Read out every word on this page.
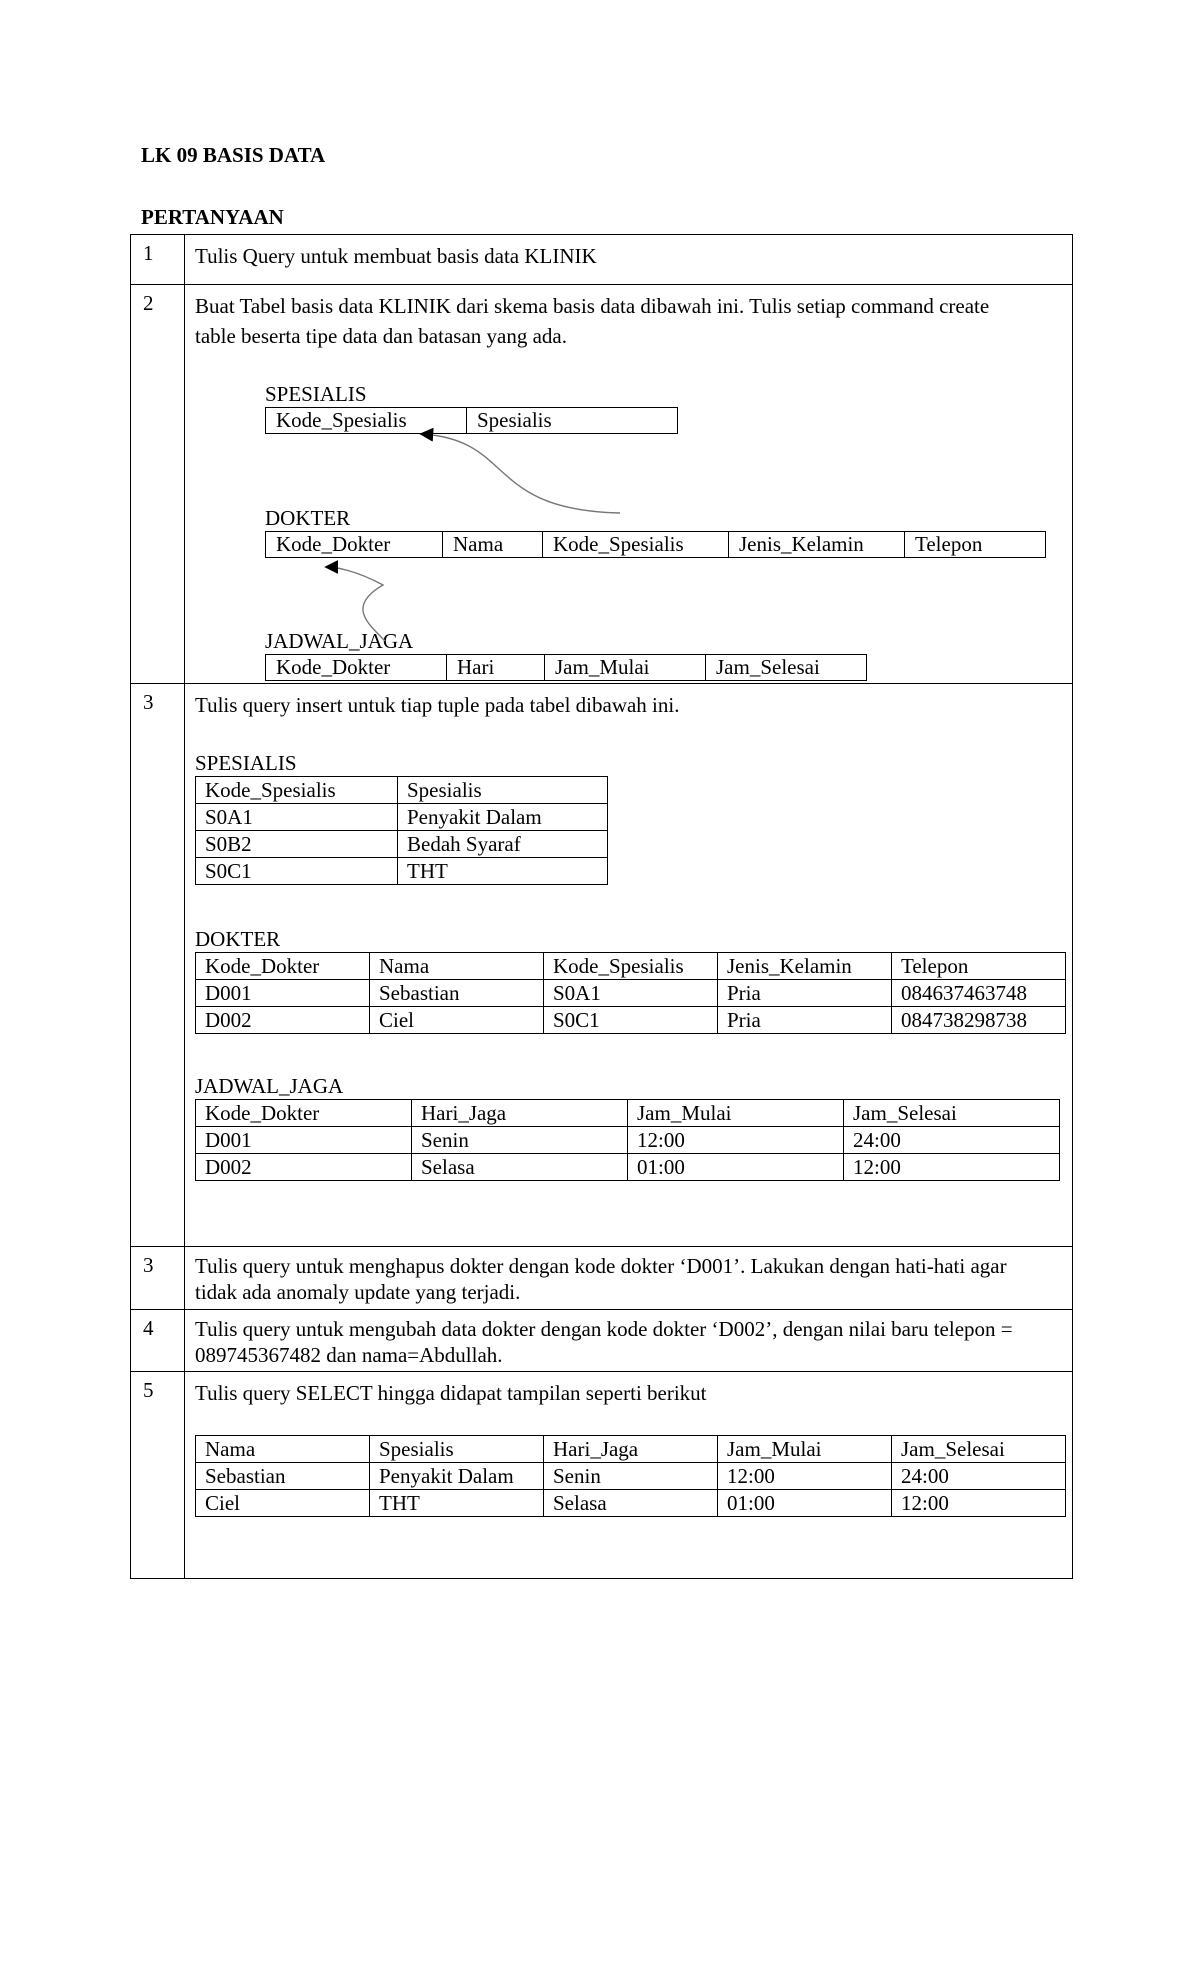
LK 09 BASIS DATA
PERTANYAAN
1	Tulis Query untuk membuat basis data KLINIK
2	Buat Tabel basis data KLINIK dari skema basis data dibawah ini. Tulis setiap command create table beserta tipe data dan batasan yang ada.
SPESIALIS
Kode_Spesialis	Spesialis
DOKTER
Kode_Dokter	Nama	Kode_Spesialis	Jenis_Kelamin	Telepon
JADWAL_JAGA
Kode_Dokter	Hari	Jam_Mulai	Jam_Selesai

3	Tulis query insert untuk tiap tuple pada tabel dibawah ini.
SPESIALIS
Kode_Spesialis	Spesialis
S0A1	Penyakit Dalam
S0B2	Bedah Syaraf
S0C1	THT
DOKTER
Kode_Dokter	Nama	Kode_Spesialis	Jenis_Kelamin	Telepon
D001	Sebastian	S0A1	Pria	084637463748
D002	Ciel	S0C1	Pria	084738298738
JADWAL_JAGA
Kode_Dokter	Hari_Jaga	Jam_Mulai	Jam_Selesai
D001	Senin	12:00	24:00
D002	Selasa	01:00	12:00

3	Tulis query untuk menghapus dokter dengan kode dokter ‘D001’. Lakukan dengan hati-hati agar tidak ada anomaly update yang terjadi.

4	Tulis query untuk mengubah data dokter dengan kode dokter ‘D002’, dengan nilai baru telepon = 089745367482 dan nama=Abdullah.

5	Tulis query SELECT hingga didapat tampilan seperti berikut
Nama	Spesialis	Hari_Jaga	Jam_Mulai	Jam_Selesai
Sebastian	Penyakit Dalam	Senin	12:00	24:00
Ciel	THT	Selasa	01:00	12:00
